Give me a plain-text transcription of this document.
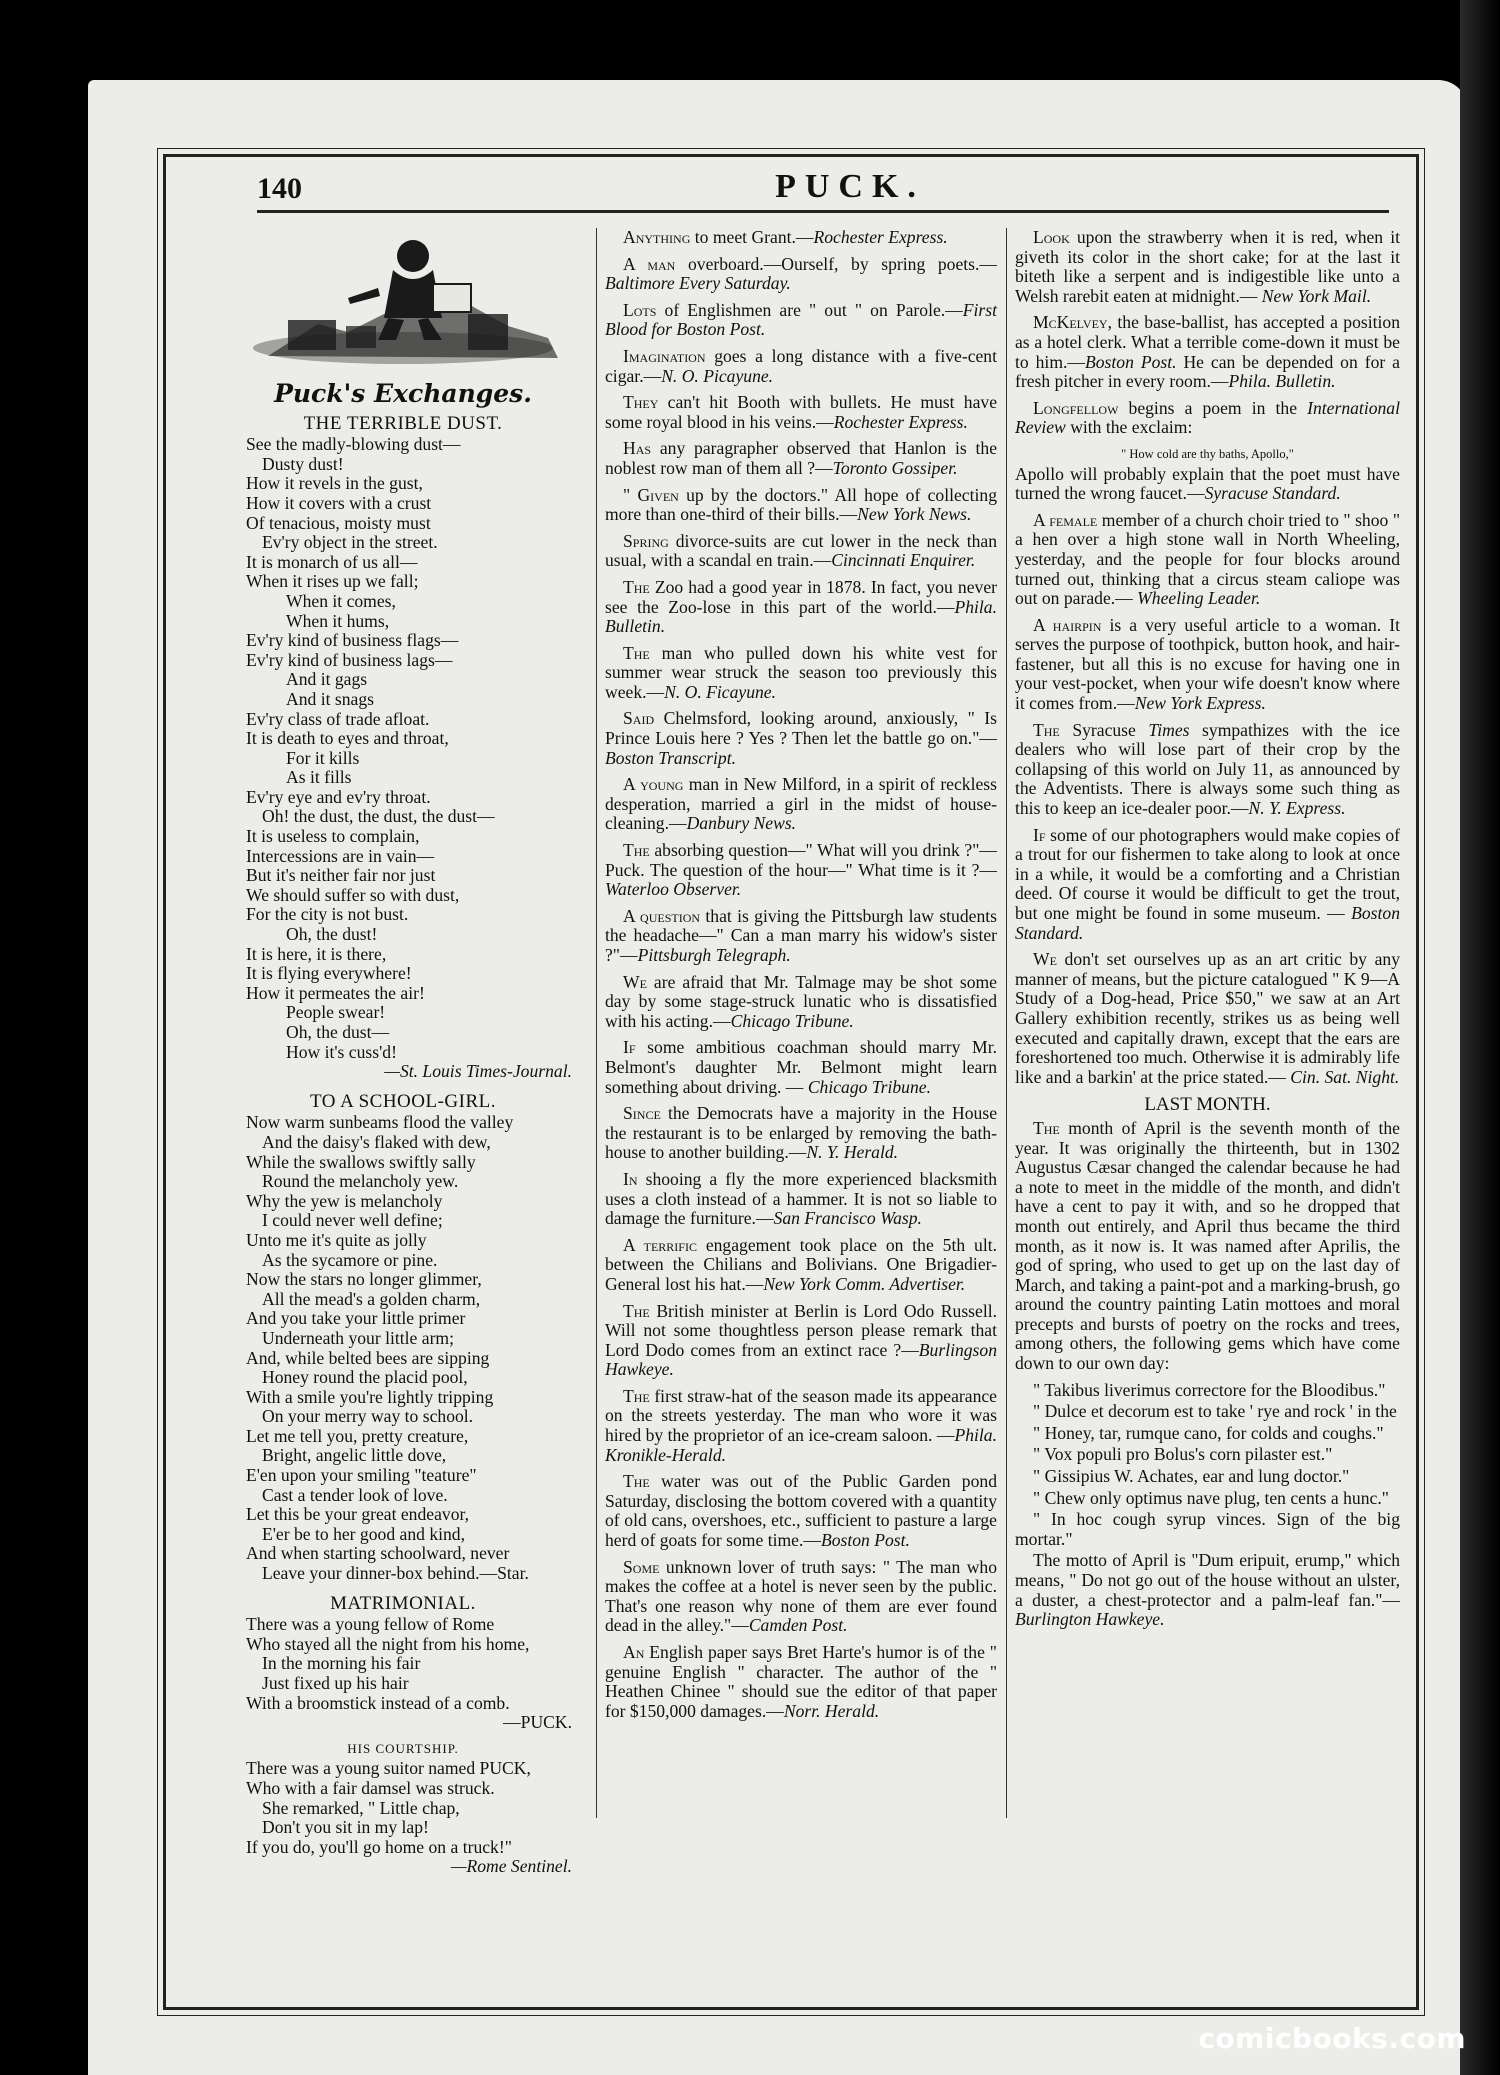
140	PUCK.
Puck's Exchanges.
THE TERRIBLE DUST.
See the madly-blowing dust—
Dusty dust!
How it revels in the gust,
How it covers with a crust
Of tenacious, moisty must
Ev'ry object in the street.
It is monarch of us all—
When it rises up we fall;
When it comes,
When it hums,
Ev'ry kind of business flags—
Ev'ry kind of business lags—
And it gags
And it snags
Ev'ry class of trade afloat.
It is death to eyes and throat,
For it kills
As it fills
Ev'ry eye and ev'ry throat.
Oh! the dust, the dust, the dust—
It is useless to complain,
Intercessions are in vain—
But it's neither fair nor just
We should suffer so with dust,
For the city is not bust.
Oh, the dust!
It is here, it is there,
It is flying everywhere!
How it permeates the air!
People swear!
Oh, the dust—
How it's cuss'd!
—St. Louis Times-Journal.
TO A SCHOOL-GIRL.
Now warm sunbeams flood the valley
And the daisy's flaked with dew,
While the swallows swiftly sally
Round the melancholy yew.
Why the yew is melancholy
I could never well define;
Unto me it's quite as jolly
As the sycamore or pine.
Now the stars no longer glimmer,
All the mead's a golden charm,
And you take your little primer
Underneath your little arm;
And, while belted bees are sipping
Honey round the placid pool,
With a smile you're lightly tripping
On your merry way to school.
Let me tell you, pretty creature,
Bright, angelic little dove,
E'en upon your smiling "teature"
Cast a tender look of love.
Let this be your great endeavor,
E'er be to her good and kind,
And when starting schoolward, never
Leave your dinner-box behind.—Star.
MATRIMONIAL.
There was a young fellow of Rome
Who stayed all the night from his home,
In the morning his fair
Just fixed up his hair
With a broomstick instead of a comb.
—PUCK.
HIS COURTSHIP.
There was a young suitor named PUCK,
Who with a fair damsel was struck.
She remarked, " Little chap,
Don't you sit in my lap!
If you do, you'll go home on a truck!"
—Rome Sentinel.

Anything to meet Grant.—Rochester Express.

A man overboard.—Ourself, by spring poets.—Baltimore Every Saturday.

Lots of Englishmen are " out " on Parole.—First Blood for Boston Post.

Imagination goes a long distance with a five-cent cigar.—N. O. Picayune.

They can't hit Booth with bullets. He must have some royal blood in his veins.—Rochester Express.

Has any paragrapher observed that Hanlon is the noblest row man of them all ?—Toronto Gossiper.

" Given up by the doctors." All hope of collecting more than one-third of their bills.—New York News.

Spring divorce-suits are cut lower in the neck than usual, with a scandal en train.—Cincinnati Enquirer.

The Zoo had a good year in 1878. In fact, you never see the Zoo-lose in this part of the world.—Phila. Bulletin.

The man who pulled down his white vest for summer wear struck the season too previously this week.—N. O. Ficayune.

Said Chelmsford, looking around, anxiously, " Is Prince Louis here ? Yes ? Then let the battle go on."—Boston Transcript.

A young man in New Milford, in a spirit of reckless desperation, married a girl in the midst of house-cleaning.—Danbury News.

The absorbing question—" What will you drink ?"—Puck. The question of the hour—" What time is it ?—Waterloo Observer.

A question that is giving the Pittsburgh law students the headache—" Can a man marry his widow's sister ?"—Pittsburgh Telegraph.

We are afraid that Mr. Talmage may be shot some day by some stage-struck lunatic who is dissatisfied with his acting.—Chicago Tribune.

If some ambitious coachman should marry Mr. Belmont's daughter Mr. Belmont might learn something about driving. — Chicago Tribune.

Since the Democrats have a majority in the House the restaurant is to be enlarged by removing the bath-house to another building.—N. Y. Herald.

In shooing a fly the more experienced blacksmith uses a cloth instead of a hammer. It is not so liable to damage the furniture.—San Francisco Wasp.

A terrific engagement took place on the 5th ult. between the Chilians and Bolivians. One Brigadier-General lost his hat.—New York Comm. Advertiser.

The British minister at Berlin is Lord Odo Russell. Will not some thoughtless person please remark that Lord Dodo comes from an extinct race ?—Burlingson Hawkeye.

The first straw-hat of the season made its appearance on the streets yesterday. The man who wore it was hired by the proprietor of an ice-cream saloon. —Phila. Kronikle-Herald.

The water was out of the Public Garden pond Saturday, disclosing the bottom covered with a quantity of old cans, overshoes, etc., sufficient to pasture a large herd of goats for some time.—Boston Post.

Some unknown lover of truth says: " The man who makes the coffee at a hotel is never seen by the public. That's one reason why none of them are ever found dead in the alley."—Camden Post.

An English paper says Bret Harte's humor is of the " genuine English " character. The author of the " Heathen Chinee " should sue the editor of that paper for $150,000 damages.—Norr. Herald.

Look upon the strawberry when it is red, when it giveth its color in the short cake; for at the last it biteth like a serpent and is indigestible like unto a Welsh rarebit eaten at midnight.— New York Mail.

McKelvey, the base-ballist, has accepted a position as a hotel clerk. What a terrible come-down it must be to him.—Boston Post. He can be depended on for a fresh pitcher in every room.—Phila. Bulletin.

Longfellow begins a poem in the International Review with the exclaim:

" How cold are thy baths, Apollo,"

Apollo will probably explain that the poet must have turned the wrong faucet.—Syracuse Standard.

A female member of a church choir tried to " shoo " a hen over a high stone wall in North Wheeling, yesterday, and the people for four blocks around turned out, thinking that a circus steam caliope was out on parade.— Wheeling Leader.

A hairpin is a very useful article to a woman. It serves the purpose of toothpick, button hook, and hair-fastener, but all this is no excuse for having one in your vest-pocket, when your wife doesn't know where it comes from.—New York Express.

The Syracuse Times sympathizes with the ice dealers who will lose part of their crop by the collapsing of this world on July 11, as announced by the Adventists. There is always some such thing as this to keep an ice-dealer poor.—N. Y. Express.

If some of our photographers would make copies of a trout for our fishermen to take along to look at once in a while, it would be a comforting and a Christian deed. Of course it would be difficult to get the trout, but one might be found in some museum. — Boston Standard.

We don't set ourselves up as an art critic by any manner of means, but the picture catalogued " K 9—A Study of a Dog-head, Price $50," we saw at an Art Gallery exhibition recently, strikes us as being well executed and capitally drawn, except that the ears are foreshortened too much. Otherwise it is admirably life like and a barkin' at the price stated.— Cin. Sat. Night.

LAST MONTH.

The month of April is the seventh month of the year. It was originally the thirteenth, but in 1302 Augustus Cæsar changed the calendar because he had a note to meet in the middle of the month, and didn't have a cent to pay it with, and so he dropped that month out entirely, and April thus became the third month, as it now is. It was named after Aprilis, the god of spring, who used to get up on the last day of March, and taking a paint-pot and a marking-brush, go around the country painting Latin mottoes and moral precepts and bursts of poetry on the rocks and trees, among others, the following gems which have come down to our own day:

" Takibus liverimus correctore for the Bloodibus."

" Dulce et decorum est to take ' rye and rock ' in the

" Honey, tar, rumque cano, for colds and coughs."

" Vox populi pro Bolus's corn pilaster est."

" Gissipius W. Achates, ear and lung doctor."

" Chew only optimus nave plug, ten cents a hunc."

" In hoc cough syrup vinces. Sign of the big mortar."

The motto of April is "Dum eripuit, erump," which means, " Do not go out of the house without an ulster, a duster, a chest-protector and a palm-leaf fan."—Burlington Hawkeye.

comicbooks.com
